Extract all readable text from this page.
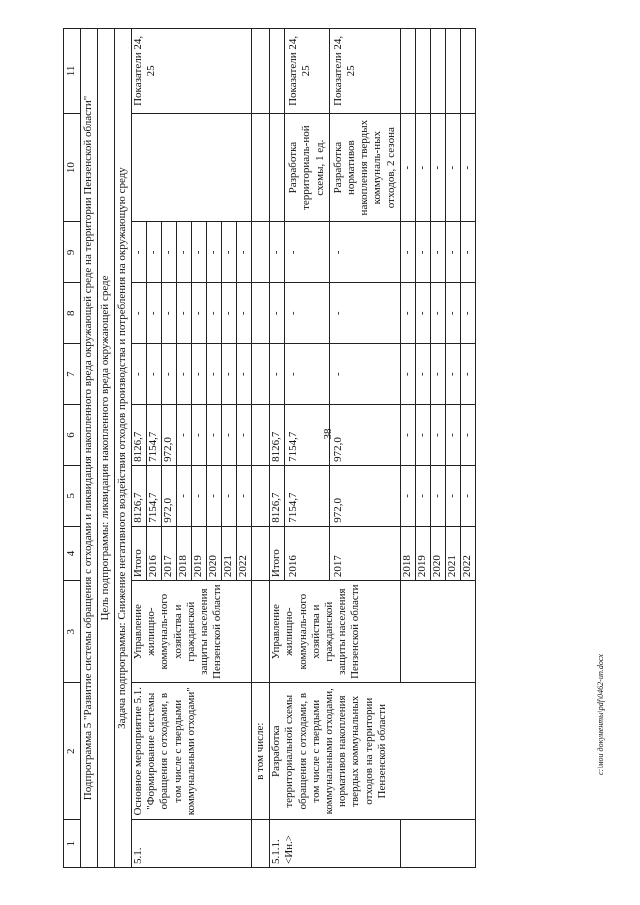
38
1	2	3	4	5	6	7	8	9	10	11
Подпрограмма 5 "Развитие системы обращения с отходами и ликвидация накопленного вреда окружающей среде на территории Пензенской области"										
Цель подпрограммы: ликвидация накопленного вреда окружающей среде										
Задача подпрограммы: Снижение негативного воздействия отходов производства и потребления на окружающую среду										
5.1.	Основное мероприятие 5.1. "Формирование системы обращения с отходами, в том числе с твердыми коммунальными отходами"	Управление жилищно-коммуналь-ного хозяйства и гражданской защиты населения Пензенской области	Итого	8126,7	8126,7	-	-	-		Показатели 24, 25
			2016	7154,7	7154,7	-	-	-		
			2017	972,0	972,0	-	-	-		
			2018	-	-	-	-	-		
			2019	-	-	-	-	-		
			2020	-	-	-	-	-		
			2021	-	-	-	-	-		
			2022	-	-	-	-	-		
	в том числе:									
5.1.1. <Ин.>	Разработка территориальной схемы обращения с отходами, в том числе с твердыми коммунальными отходами, нормативов накопления твердых коммунальных отходов на территории Пензенской области	Управление жилищно-коммуналь-ного хозяйства и гражданской защиты населения Пензенской области	Итого	8126,7	8126,7	-	-	-		
			2016	7154,7	7154,7	-	-	-	Разработка территориаль-ной схемы, 1 ед.	Показатели 24, 25
			2017	972,0	972,0	-	-	-	Разработка нормативов накопления твердых коммуналь-ных отходов, 2 сезона	Показатели 24, 25
			2018	-	-	-	-	-	-	
			2019	-	-	-	-	-	-	
			2020	-	-	-	-	-	-	
			2021	-	-	-	-	-	-	
			2022	-	-	-	-	-	-	
c:\мои документы\pdf\0462-ип.docx
